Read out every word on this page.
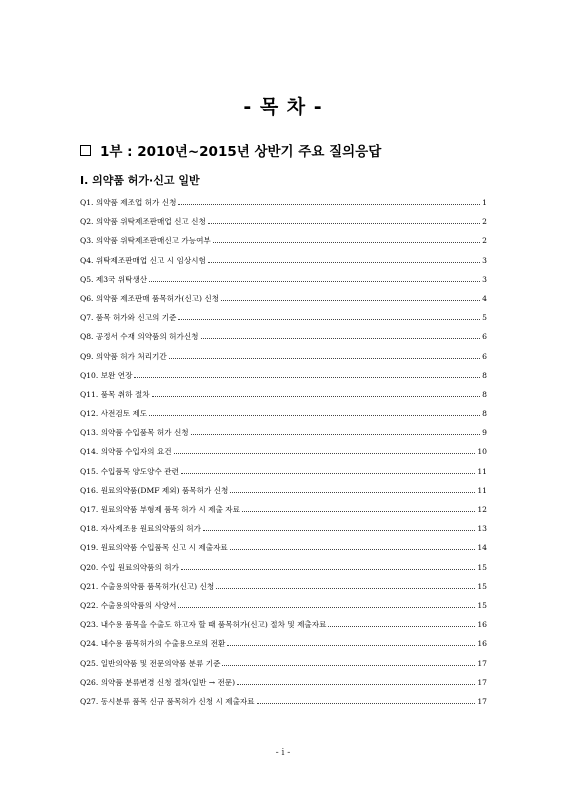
- 목 차 -
1부 : 2010년~2015년 상반기 주요 질의응답
Ⅰ. 의약품 허가·신고 일반
Q1. 의약품 제조업 허가 신청	1
Q2. 의약품 위탁제조판매업 신고 신청	2
Q3. 의약품 위탁제조판매신고 가능여부	2
Q4. 위탁제조판매업 신고 시 임상시험	3
Q5. 제3국 위탁생산	3
Q6. 의약품 제조판매 품목허가(신고) 신청	4
Q7. 품목 허가와 신고의 기준	5
Q8. 공정서 수재 의약품의 허가신청	6
Q9. 의약품 허가 처리기간	6
Q10. 보완 연장	8
Q11. 품목 취하 절차	8
Q12. 사전검토 제도	8
Q13. 의약품 수입품목 허가 신청	9
Q14. 의약품 수입자의 요건	10
Q15. 수입품목 양도양수 관련	11
Q16. 원료의약품(DMF 제외) 품목허가 신청	11
Q17. 원료의약품 부형제 품목 허가 시 제출 자료	12
Q18. 자사제조용 원료의약품의 허가	13
Q19. 원료의약품 수입품목 신고 시 제출자료	14
Q20. 수입 원료의약품의 허가	15
Q21. 수출용의약품 품목허가(신고) 신청	15
Q22. 수출용의약품의 사양서	15
Q23. 내수용 품목을 수출도 하고자 할 때 품목허가(신고) 절차 및 제출자료	16
Q24. 내수용 품목허가의 수출용으로의 전환	16
Q25. 일반의약품 및 전문의약품 분류 기준	17
Q26. 의약품 분류변경 신청 절차(일반 → 전문)	17
Q27. 동시분류 품목 신규 품목허가 신청 시 제출자료	17
- i -
